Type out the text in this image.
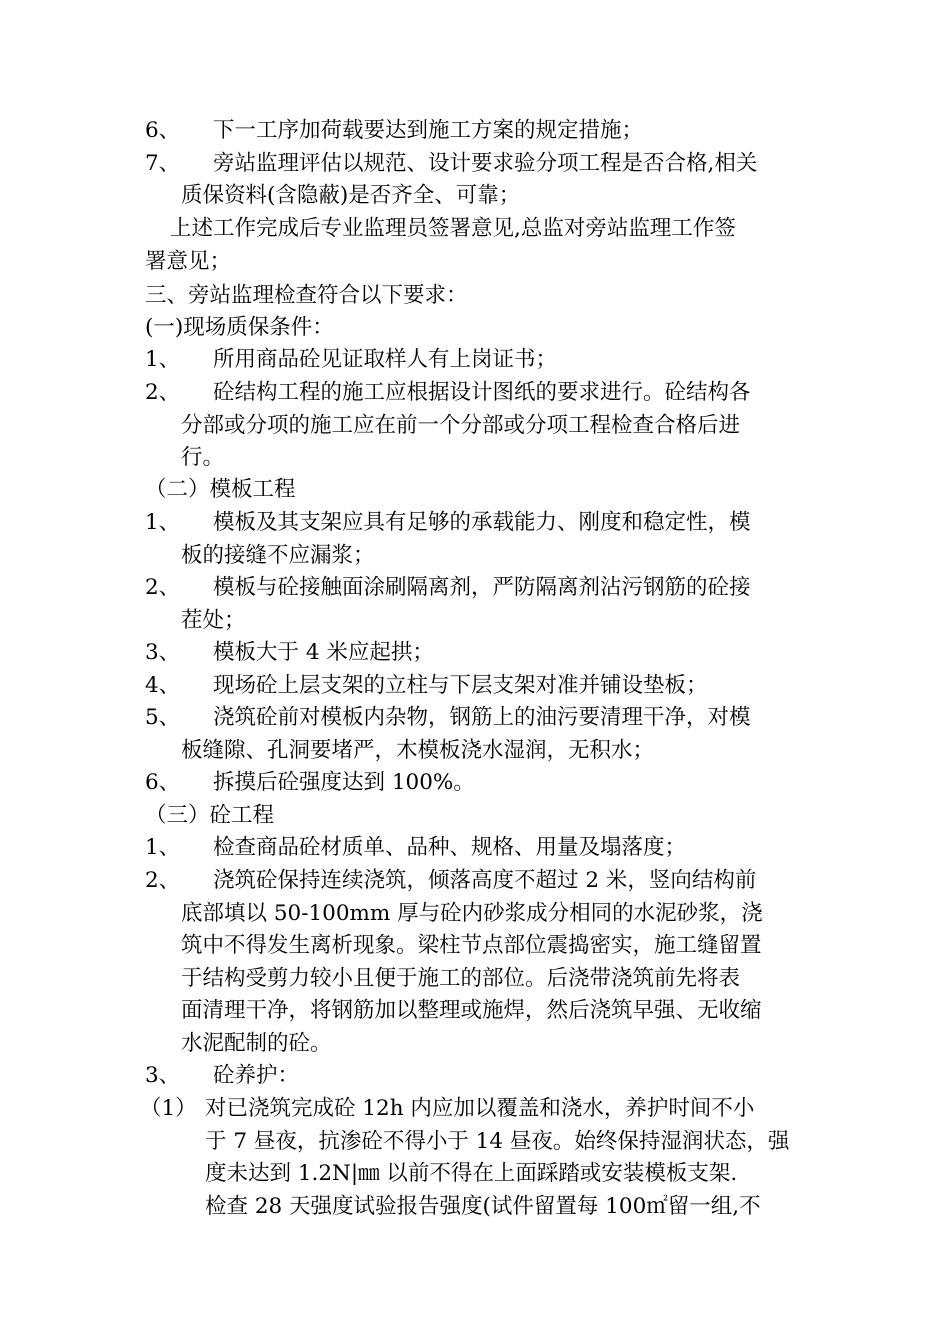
6、 下一工序加荷载要达到施工方案的规定措施；
7、 旁站监理评估以规范、设计要求验分项工程是否合格,相关
质保资料(含隐蔽)是否齐全、可靠；
上述工作完成后专业监理员签署意见,总监对旁站监理工作签
署意见；
三、旁站监理检查符合以下要求：
(一)现场质保条件：
1、 所用商品砼见证取样人有上岗证书；
2、 砼结构工程的施工应根据设计图纸的要求进行。砼结构各
分部或分项的施工应在前一个分部或分项工程检查合格后进
行。
（二）模板工程
1、 模板及其支架应具有足够的承载能力、刚度和稳定性，模
板的接缝不应漏浆；
2、 模板与砼接触面涂刷隔离剂，严防隔离剂沾污钢筋的砼接
茬处；
3、 模板大于 4 米应起拱；
4、 现场砼上层支架的立柱与下层支架对准并铺设垫板；
5、 浇筑砼前对模板内杂物，钢筋上的油污要清理干净，对模
板缝隙、孔洞要堵严，木模板浇水湿润，无积水；
6、 拆摸后砼强度达到 100%。
（三）砼工程
1、 检查商品砼材质单、品种、规格、用量及塌落度；
2、 浇筑砼保持连续浇筑，倾落高度不超过 2 米，竖向结构前
底部填以 50-100mm 厚与砼内砂浆成分相同的水泥砂浆，浇
筑中不得发生离析现象。梁柱节点部位震捣密实，施工缝留置
于结构受剪力较小且便于施工的部位。后浇带浇筑前先将表
面清理干净，将钢筋加以整理或施焊，然后浇筑早强、无收缩
水泥配制的砼。
3、 砼养护：
（1） 对已浇筑完成砼 12h 内应加以覆盖和浇水，养护时间不小
于 7 昼夜，抗渗砼不得小于 14 昼夜。始终保持湿润状态，强
度未达到 1.2N|㎜ 以前不得在上面踩踏或安装模板支架.
检查 28 天强度试验报告强度(试件留置每 100㎡留一组,不
